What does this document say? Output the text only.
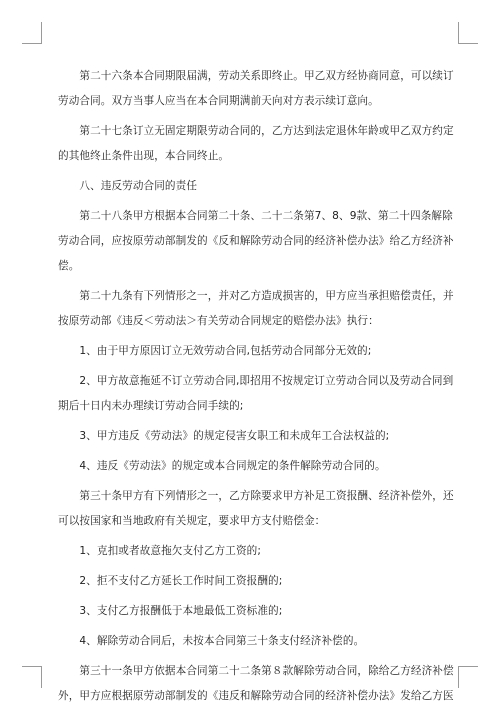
　　第二十六条本合同期限届满，劳动关系即终止。甲乙双方经协商同意，可以续订

劳动合同。双方当事人应当在本合同期满前天向对方表示续订意向。

　　第二十七条订立无固定期限劳动合同的，乙方达到法定退休年龄或甲乙双方约定

的其他终止条件出现，本合同终止。

　　八、违反劳动合同的责任

　　第二十八条甲方根据本合同第二十条、二十二条第7、8、9款、第二十四条解除

劳动合同，应按原劳动部制发的《反和解除劳动合同的经济补偿办法》给乙方经济补

偿。

　　第二十九条有下列情形之一，并对乙方造成损害的，甲方应当承担赔偿责任，并

按原劳动部《违反＜劳动法＞有关劳动合同规定的赔偿办法》执行：

　　1、由于甲方原因订立无效劳动合同,包括劳动合同部分无效的;

　　2、甲方故意拖延不订立劳动合同,即招用不按规定订立劳动合同以及劳动合同到

期后十日内未办理续订劳动合同手续的;

　　3、甲方违反《劳动法》的规定侵害女职工和未成年工合法权益的;

　　4、违反《劳动法》的规定或本合同规定的条件解除劳动合同的。

　　第三十条甲方有下列情形之一，乙方除要求甲方补足工资报酬、经济补偿外，还

可以按国家和当地政府有关规定，要求甲方支付赔偿金：

　　1、克扣或者故意拖欠支付乙方工资的;

　　2、拒不支付乙方延长工作时间工资报酬的;

　　3、支付乙方报酬低于本地最低工资标准的;

　　4、解除劳动合同后，未按本合同第三十条支付经济补偿的。

　　第三十一条甲方依据本合同第二十二条第８款解除劳动合同，除给乙方经济补偿

外，甲方应根据原劳动部制发的《违反和解除劳动合同的经济补偿办法》发给乙方医
